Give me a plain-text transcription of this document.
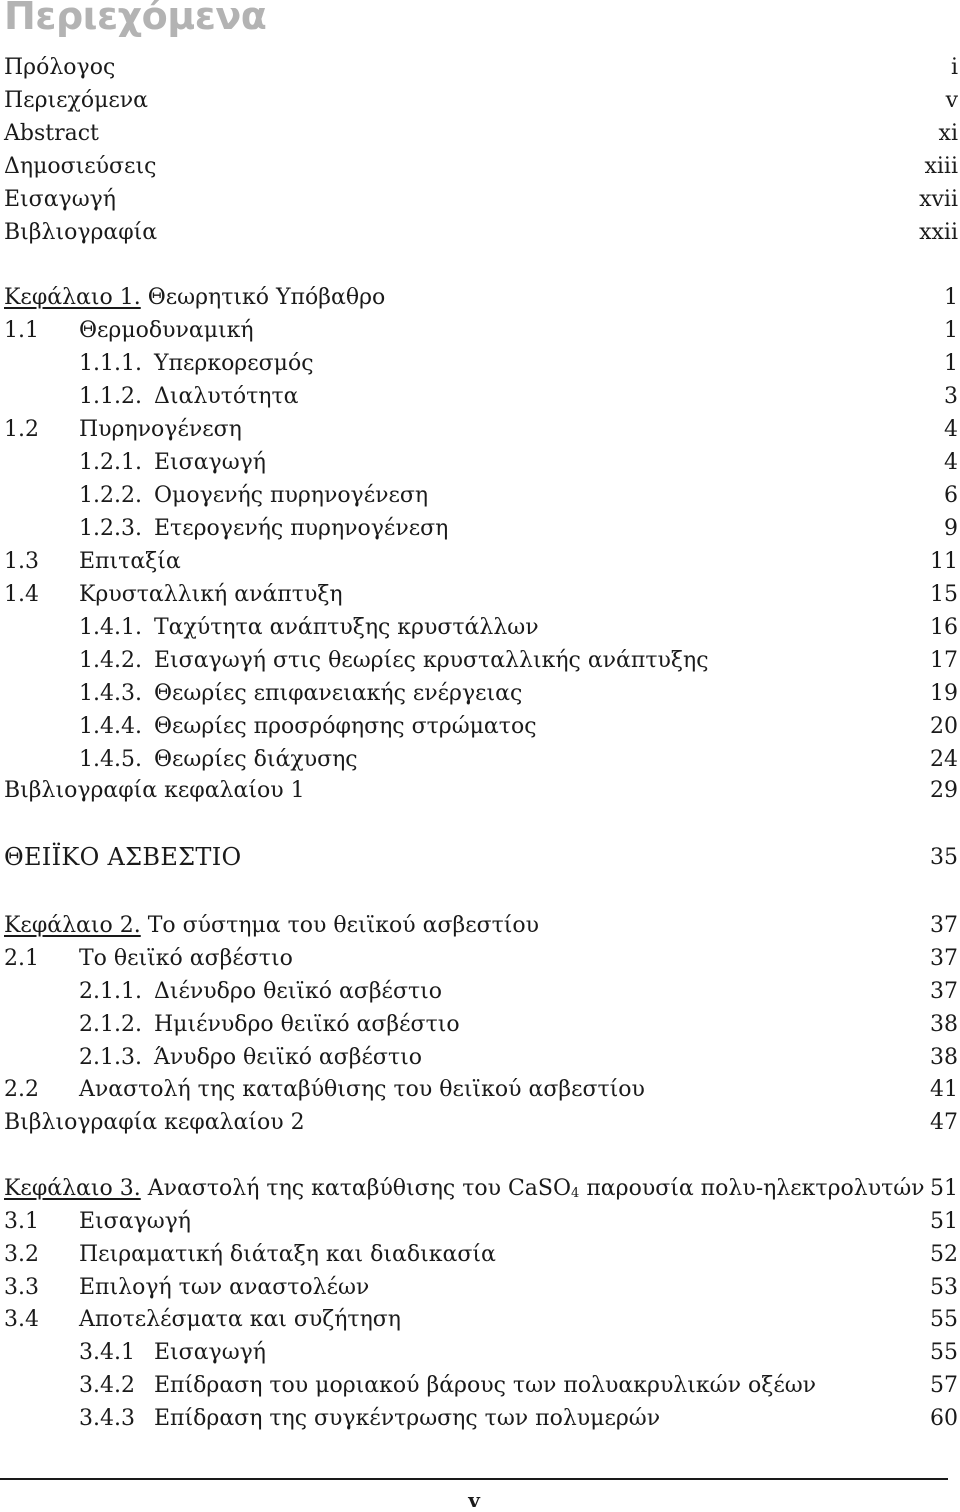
Περιεχόμενα
Πρόλογος	i
Περιεχόμενα	v
Abstract	xi
Δημοσιεύσεις	xiii
Εισαγωγή	xvii
Βιβλιογραφία	xxii
Κεφάλαιο 1. Θεωρητικό Υπόβαθρο	1
1.1 Θερμοδυναμική	1
1.1.1. Υπερκορεσμός	1
1.1.2. Διαλυτότητα	3
1.2 Πυρηνογένεση	4
1.2.1. Εισαγωγή	4
1.2.2. Ομογενής πυρηνογένεση	6
1.2.3. Ετερογενής πυρηνογένεση	9
1.3 Επιταξία	11
1.4 Κρυσταλλική ανάπτυξη	15
1.4.1. Ταχύτητα ανάπτυξης κρυστάλλων	16
1.4.2. Εισαγωγή στις θεωρίες κρυσταλλικής ανάπτυξης	17
1.4.3. Θεωρίες επιφανειακής ενέργειας	19
1.4.4. Θεωρίες προσρόφησης στρώματος	20
1.4.5. Θεωρίες διάχυσης	24
Βιβλιογραφία κεφαλαίου 1	29
ΘΕΙΪΚΟ ΑΣΒΕΣΤΙΟ	35
Κεφάλαιο 2. Το σύστημα του θειϊκού ασβεστίου	37
2.1 Το θειϊκό ασβέστιο	37
2.1.1. Διένυδρο θειϊκό ασβέστιο	37
2.1.2. Ημιένυδρο θειϊκό ασβέστιο	38
2.1.3. Άνυδρο θειϊκό ασβέστιο	38
2.2 Αναστολή της καταβύθισης του θειϊκού ασβεστίου	41
Βιβλιογραφία κεφαλαίου 2	47
Κεφάλαιο 3. Αναστολή της καταβύθισης του CaSO4 παρουσία πολυ-ηλεκτρολυτών 51
3.1 Εισαγωγή	51
3.2 Πειραματική διάταξη και διαδικασία	52
3.3 Επιλογή των αναστολέων	53
3.4 Αποτελέσματα και συζήτηση	55
3.4.1 Εισαγωγή	55
3.4.2 Επίδραση του μοριακού βάρους των πολυακρυλικών οξέων	57
3.4.3 Επίδραση της συγκέντρωσης των πολυμερών	60
v
